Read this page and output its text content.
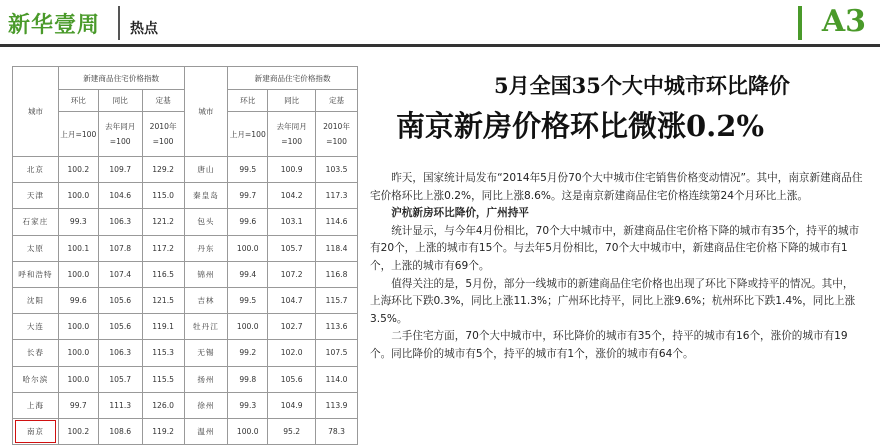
新华壹周 热点	A3
城市	新建商品住宅价格指数			城市	新建商品住宅价格指数		
	环比	同比	定基		环比	同比	定基
	上月=100	去年同月=100	2010年=100		上月=100	去年同月=100	2010年=100
北京	100.2	109.7	129.2	唐山	99.5	100.9	103.5
天津	100.0	104.6	115.0	秦皇岛	99.7	104.2	117.3
石家庄	99.3	106.3	121.2	包头	99.6	103.1	114.6
太原	100.1	107.8	117.2	丹东	100.0	105.7	118.4
呼和浩特	100.0	107.4	116.5	锦州	99.4	107.2	116.8
沈阳	99.6	105.6	121.5	吉林	99.5	104.7	115.7
大连	100.0	105.6	119.1	牡丹江	100.0	102.7	113.6
长春	100.0	106.3	115.3	无锡	99.2	102.0	107.5
哈尔滨	100.0	105.7	115.5	扬州	99.8	105.6	114.0
上海	99.7	111.3	126.0	徐州	99.3	104.9	113.9
南京	100.2	108.6	119.2	温州	100.0	95.2	78.3
5月全国35个大中城市环比降价
南京新房价格环比微涨0.2%

昨天，国家统计局发布“2014年5月份70个大中城市住宅销售价格变动情况”。其中，南京新建商品住宅价格环比上涨0.2%，同比上涨8.6%。这是南京新建商品住宅价格连续第24个月环比上涨。

沪杭新房环比降价，广州持平

统计显示，与今年4月份相比，70个大中城市中，新建商品住宅价格下降的城市有35个，持平的城市有20个，上涨的城市有15个。与去年5月份相比，70个大中城市中，新建商品住宅价格下降的城市有1个，上涨的城市有69个。

值得关注的是，5月份，部分一线城市的新建商品住宅价格也出现了环比下降或持平的情况。其中，上海环比下跌0.3%，同比上涨11.3%；广州环比持平，同比上涨9.6%；杭州环比下跌1.4%，同比上涨3.5%。

二手住宅方面，70个大中城市中，环比降价的城市有35个，持平的城市有16个，涨价的城市有19个。同比降价的城市有5个，持平的城市有1个，涨价的城市有64个。
